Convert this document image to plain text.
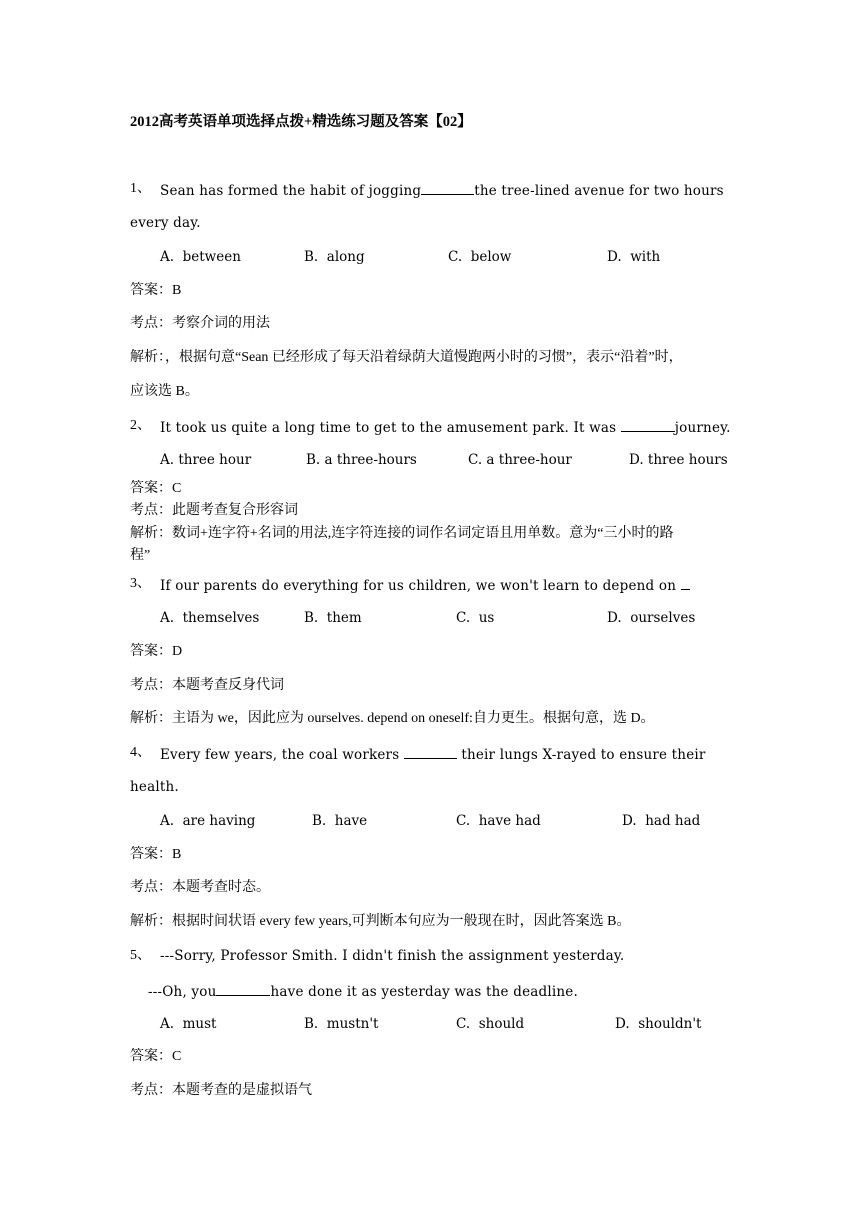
2012高考英语单项选择点拨+精选练习题及答案【02】
1、 Sean has formed the habit of jogging	the tree-lined avenue for two hours
every day.
A.  between	B.  along	C.  below	D.  with
答案：B
考点：考察介词的用法
解析：，根据句意“Sean 已经形成了每天沿着绿荫大道慢跑两小时的习惯”，表示“沿着”时，
应该选 B。
2、 It took us quite a long time to get to the amusement park. It was	journey.
A. three hour	B. a three-hours	C. a three-hour	D. three hours
答案：C
考点：此题考查复合形容词
解析：数词+连字符+名词的用法,连字符连接的词作名词定语且用单数。意为“三小时的路
程”
3、 If our parents do everything for us children, we won't learn to depend on
A.  themselves	B.  them	C.  us	D.  ourselves
答案：D
考点：本题考查反身代词
解析：主语为 we，因此应为 ourselves. depend on oneself:自力更生。根据句意，选 D。
4、 Every few years, the coal workers	their lungs X-rayed to ensure their
health.
A.  are having	B.  have	C.  have had	D.  had had
答案：B
考点：本题考查时态。
解析：根据时间状语 every few years,可判断本句应为一般现在时，因此答案选 B。
5、 ---Sorry, Professor Smith. I didn't finish the assignment yesterday.
---Oh, you	have done it as yesterday was the deadline.
A.  must	B.  mustn't	C.  should	D.  shouldn't
答案：C
考点：本题考查的是虚拟语气
